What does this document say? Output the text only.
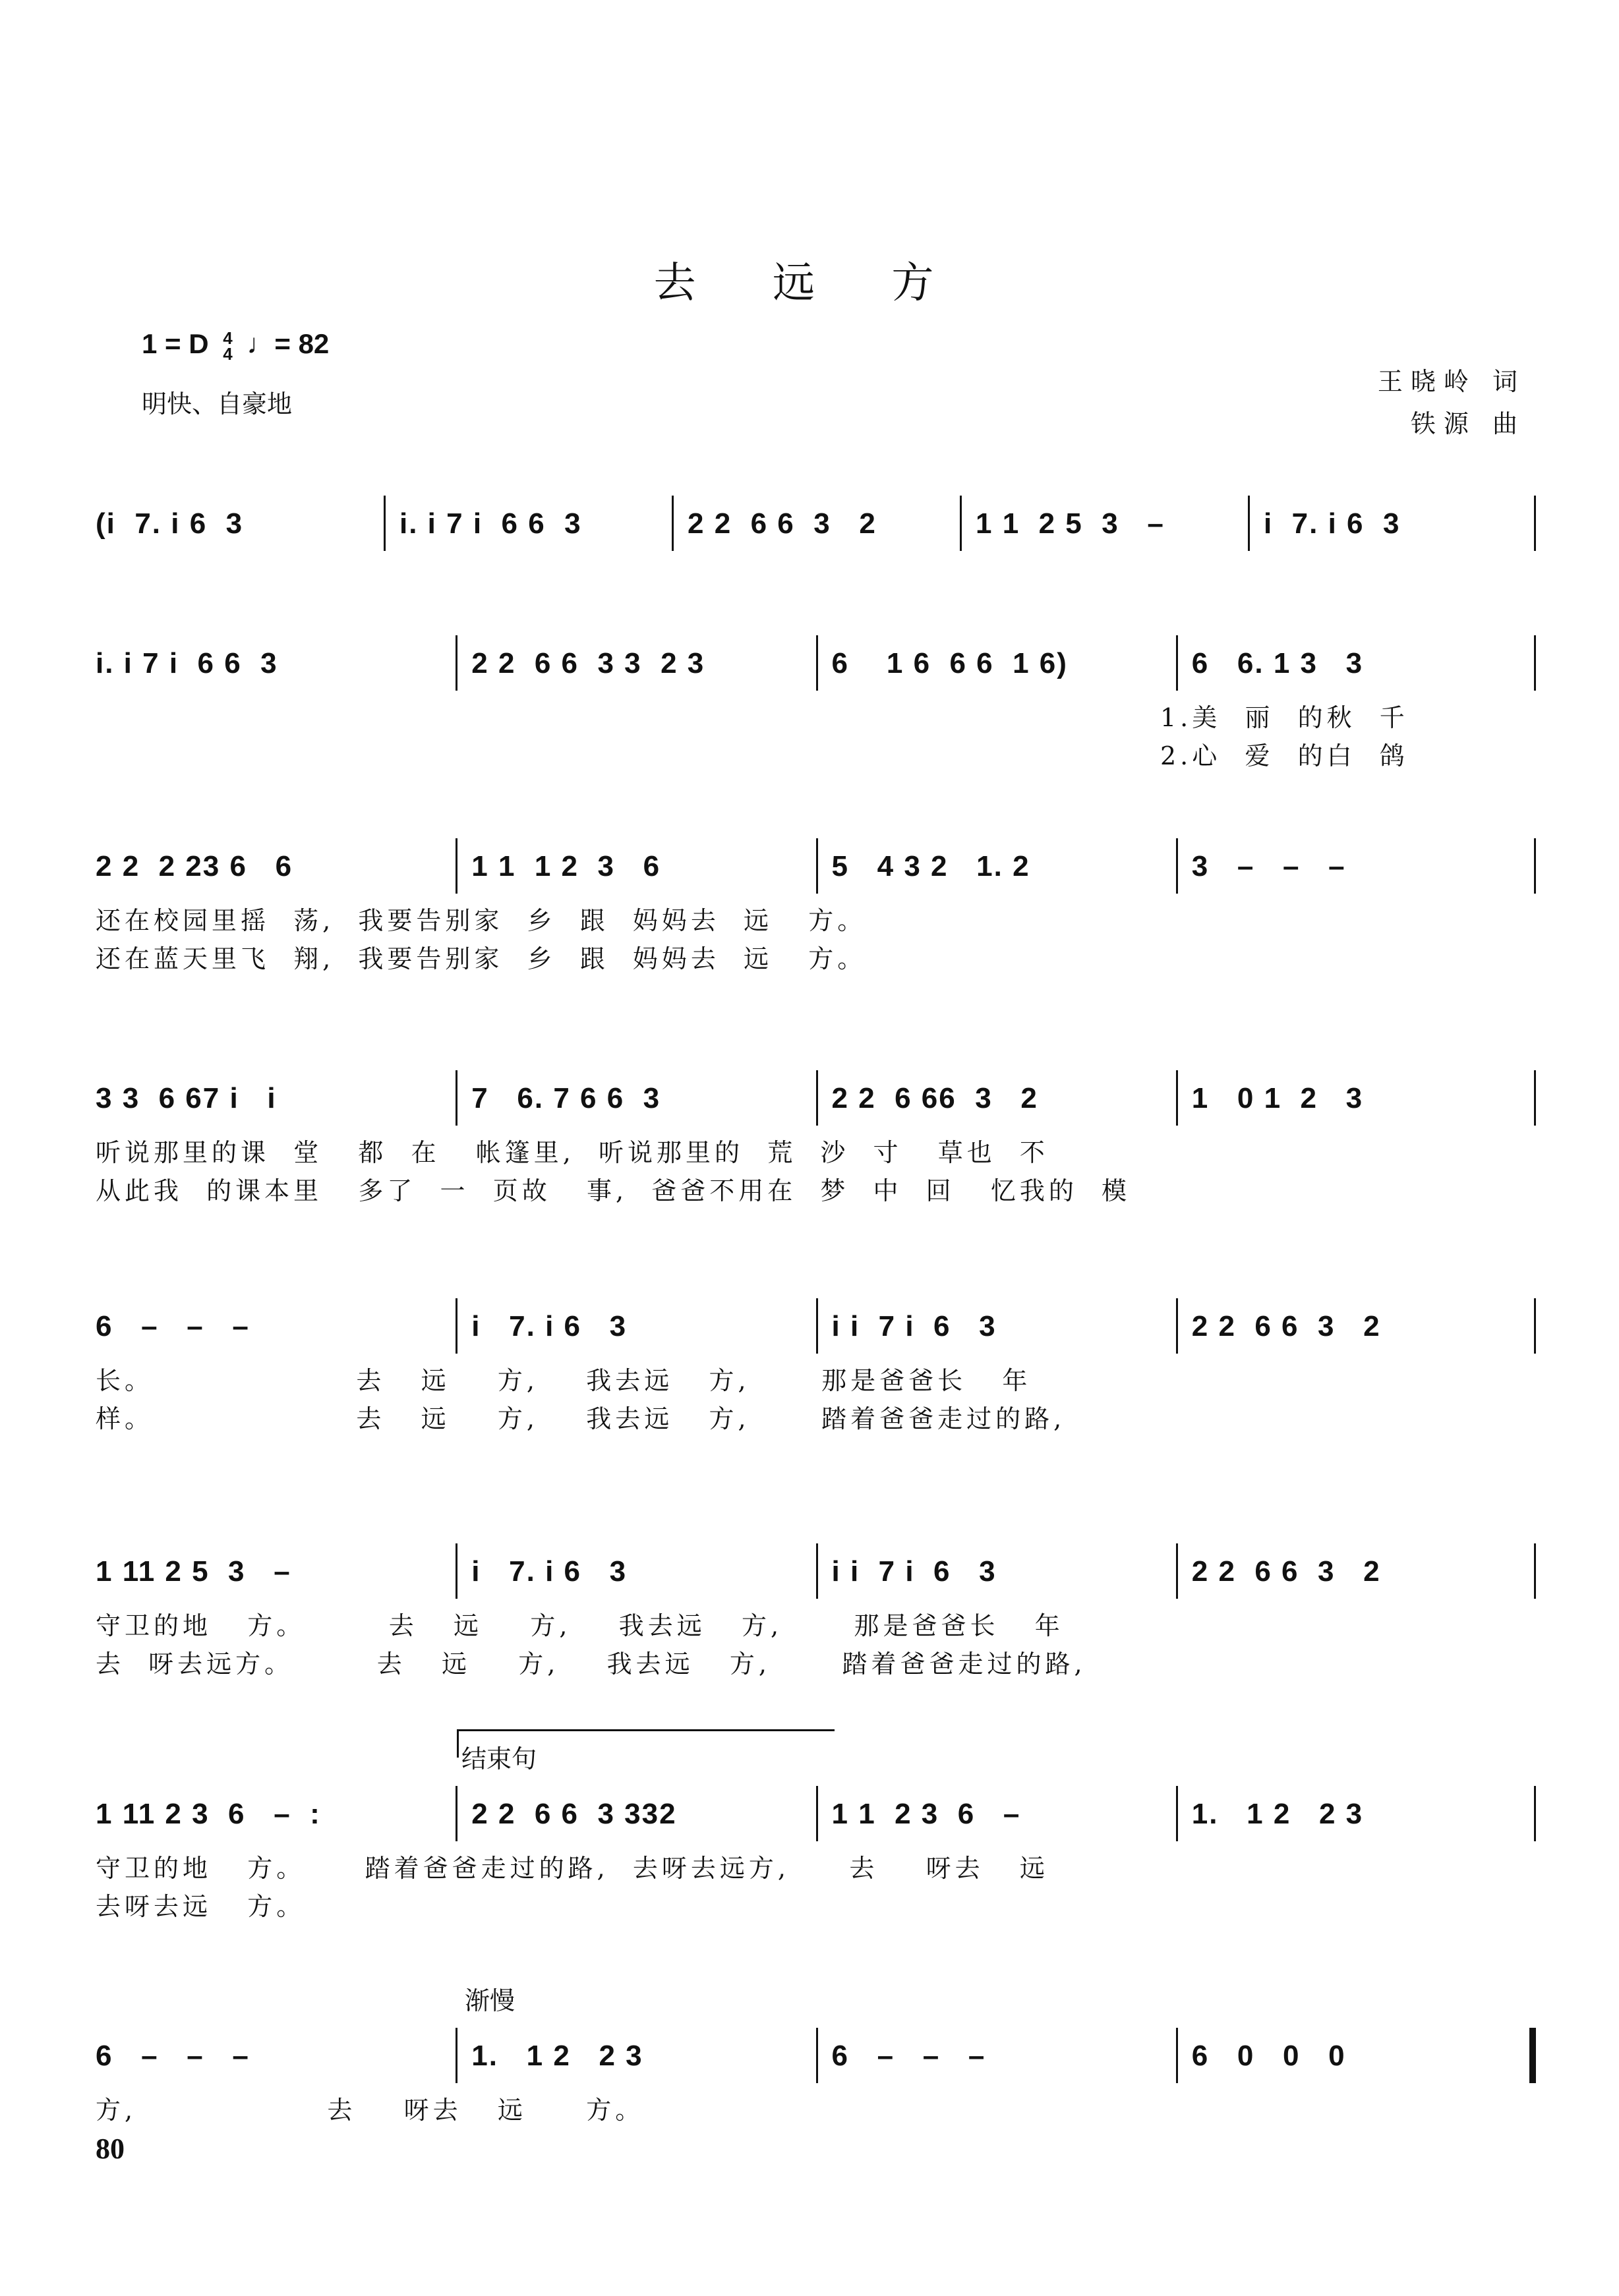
去 远 方
1 = D 4
4 ♩= 82
明快、自豪地
王晓岭 词
铁源 曲
(i  7. i 6  3	i. i 7 i  6 6  3	2 2  6 6  3   2	1 1  2 5  3   –	i  7. i 6  3
i. i 7 i  6 6  3	2 2  6 6  3 3  2 3	6    1 6  6 6  1 6)	6   6. 1 3   3
1.美  丽  的秋  千
2.心  爱  的白  鸽
2 2  2 23 6   6	1 1  1 2  3   6	5   4 3 2   1. 2	3   –   –   –
还在校园里摇  荡,  我要告别家  乡  跟  妈妈去  远   方。
还在蓝天里飞  翔,  我要告别家  乡  跟  妈妈去  远   方。
3 3  6 67 i   i	7   6. 7 6 6  3	2 2  6 66  3   2	1   0 1  2   3
听说那里的课  堂   都  在   帐篷里,  听说那里的  荒  沙  寸   草也  不
从此我  的课本里   多了  一  页故   事,  爸爸不用在  梦  中  回   忆我的  模
6   –   –   –	i   7. i 6   3	i i  7 i  6   3	2 2  6 6  3   2
长。                 去   远    方,    我去远   方,      那是爸爸长   年
样。                 去   远    方,    我去远   方,      踏着爸爸走过的路,
1 11 2 5  3   –	i   7. i 6   3	i i  7 i  6   3	2 2  6 6  3   2
守卫的地   方。       去   远    方,    我去远   方,      那是爸爸长   年
去  呀去远方。       去   远    方,    我去远   方,      踏着爸爸走过的路,
结束句
1 11 2 3  6   –  :	2 2  6 6  3 332	1 1  2 3  6   –	1.   1 2   2 3
守卫的地   方。     踏着爸爸走过的路,  去呀去远方,     去    呀去   远
去呀去远   方。
渐慢
6   –   –   –	1.   1 2   2 3	6   –   –   –	6   0   0   0
方,                去    呀去   远     方。
80
